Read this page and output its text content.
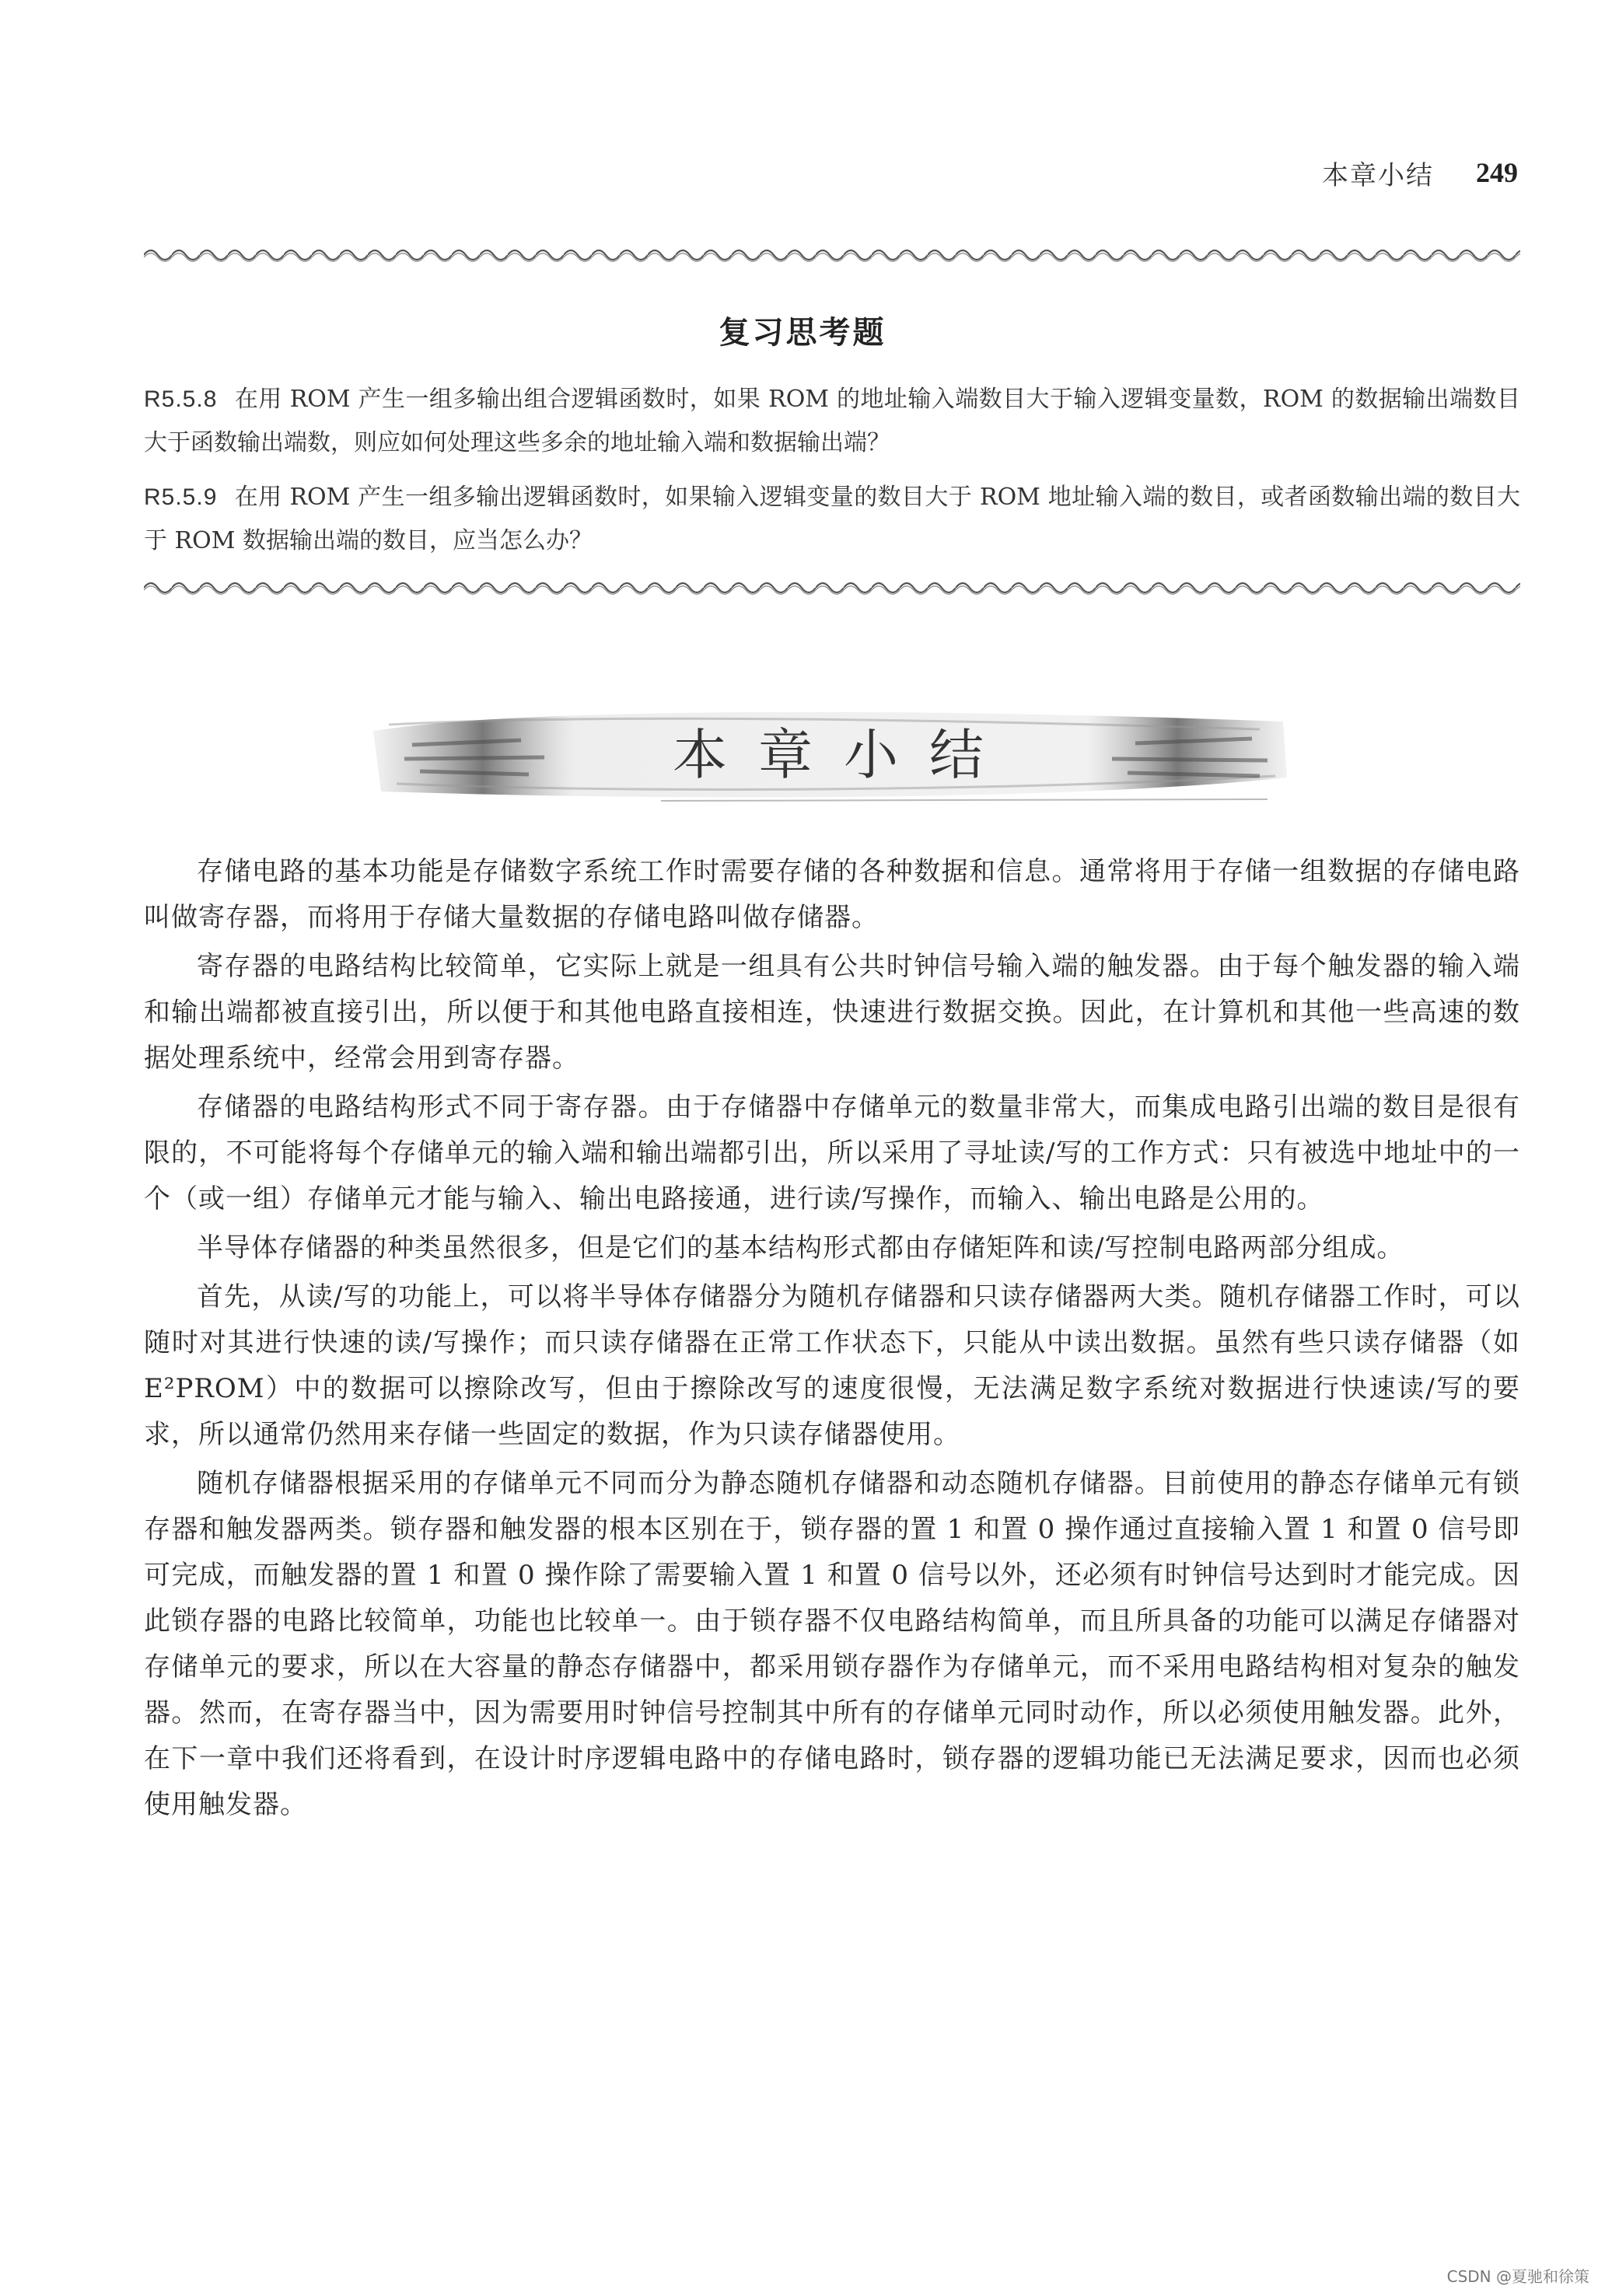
本章小结 249
复习思考题
R5.5.8 在用 ROM 产生一组多输出组合逻辑函数时，如果 ROM 的地址输入端数目大于输入逻辑变量数，ROM 的数据输出端数目大于函数输出端数，则应如何处理这些多余的地址输入端和数据输出端？
R5.5.9 在用 ROM 产生一组多输出逻辑函数时，如果输入逻辑变量的数目大于 ROM 地址输入端的数目，或者函数输出端的数目大于 ROM 数据输出端的数目，应当怎么办？
本章小结

存储电路的基本功能是存储数字系统工作时需要存储的各种数据和信息。通常将用于存储一组数据的存储电路叫做寄存器，而将用于存储大量数据的存储电路叫做存储器。

寄存器的电路结构比较简单，它实际上就是一组具有公共时钟信号输入端的触发器。由于每个触发器的输入端和输出端都被直接引出，所以便于和其他电路直接相连，快速进行数据交换。因此，在计算机和其他一些高速的数据处理系统中，经常会用到寄存器。

存储器的电路结构形式不同于寄存器。由于存储器中存储单元的数量非常大，而集成电路引出端的数目是很有限的，不可能将每个存储单元的输入端和输出端都引出，所以采用了寻址读/写的工作方式：只有被选中地址中的一个（或一组）存储单元才能与输入、输出电路接通，进行读/写操作，而输入、输出电路是公用的。

半导体存储器的种类虽然很多，但是它们的基本结构形式都由存储矩阵和读/写控制电路两部分组成。

首先，从读/写的功能上，可以将半导体存储器分为随机存储器和只读存储器两大类。随机存储器工作时，可以随时对其进行快速的读/写操作；而只读存储器在正常工作状态下，只能从中读出数据。虽然有些只读存储器（如 E²PROM）中的数据可以擦除改写，但由于擦除改写的速度很慢，无法满足数字系统对数据进行快速读/写的要求，所以通常仍然用来存储一些固定的数据，作为只读存储器使用。

随机存储器根据采用的存储单元不同而分为静态随机存储器和动态随机存储器。目前使用的静态存储单元有锁存器和触发器两类。锁存器和触发器的根本区别在于，锁存器的置 1 和置 0 操作通过直接输入置 1 和置 0 信号即可完成，而触发器的置 1 和置 0 操作除了需要输入置 1 和置 0 信号以外，还必须有时钟信号达到时才能完成。因此锁存器的电路比较简单，功能也比较单一。由于锁存器不仅电路结构简单，而且所具备的功能可以满足存储器对存储单元的要求，所以在大容量的静态存储器中，都采用锁存器作为存储单元，而不采用电路结构相对复杂的触发器。然而，在寄存器当中，因为需要用时钟信号控制其中所有的存储单元同时动作，所以必须使用触发器。此外，在下一章中我们还将看到，在设计时序逻辑电路中的存储电路时，锁存器的逻辑功能已无法满足要求，因而也必须使用触发器。

CSDN @夏驰和徐策
